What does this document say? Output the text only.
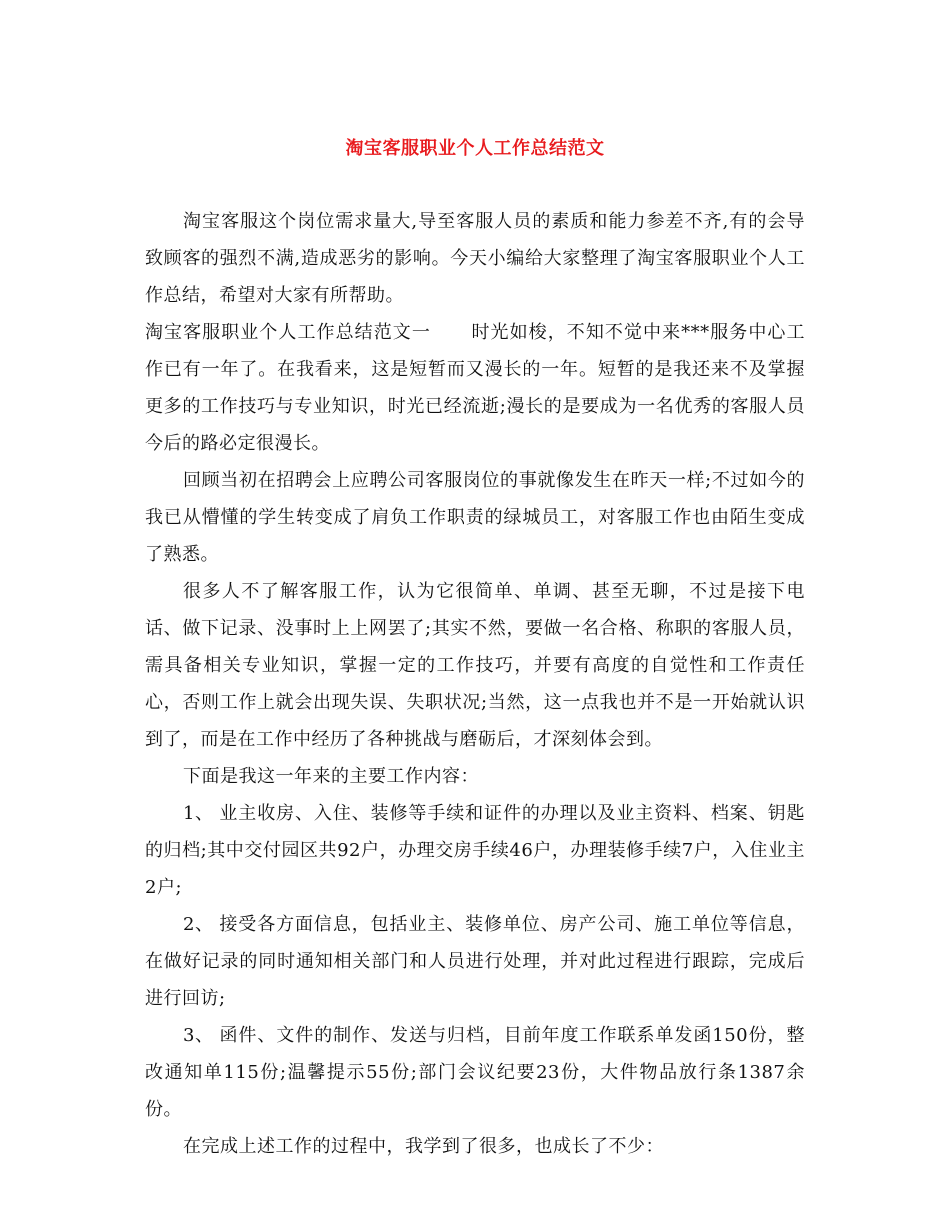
淘宝客服职业个人工作总结范文

淘宝客服这个岗位需求量大,导至客服人员的素质和能力参差不齐,有的会导致顾客的强烈不满,造成恶劣的影响。今天小编给大家整理了淘宝客服职业个人工作总结，希望对大家有所帮助。

淘宝客服职业个人工作总结范文一 时光如梭，不知不觉中来***服务中心工作已有一年了。在我看来，这是短暂而又漫长的一年。短暂的是我还来不及掌握更多的工作技巧与专业知识，时光已经流逝;漫长的是要成为一名优秀的客服人员今后的路必定很漫长。

回顾当初在招聘会上应聘公司客服岗位的事就像发生在昨天一样;不过如今的我已从懵懂的学生转变成了肩负工作职责的绿城员工，对客服工作也由陌生变成了熟悉。

很多人不了解客服工作，认为它很简单、单调、甚至无聊，不过是接下电话、做下记录、没事时上上网罢了;其实不然，要做一名合格、称职的客服人员，需具备相关专业知识，掌握一定的工作技巧，并要有高度的自觉性和工作责任心，否则工作上就会出现失误、失职状况;当然，这一点我也并不是一开始就认识到了，而是在工作中经历了各种挑战与磨砺后，才深刻体会到。

下面是我这一年来的主要工作内容：

1、 业主收房、入住、装修等手续和证件的办理以及业主资料、档案、钥匙的归档;其中交付园区共92户，办理交房手续46户，办理装修手续7户，入住业主2户;

2、 接受各方面信息，包括业主、装修单位、房产公司、施工单位等信息，在做好记录的同时通知相关部门和人员进行处理，并对此过程进行跟踪，完成后进行回访;

3、 函件、文件的制作、发送与归档，目前年度工作联系单发函150份，整改通知单115份;温馨提示55份;部门会议纪要23份，大件物品放行条1387余份。

在完成上述工作的过程中，我学到了很多，也成长了不少：
